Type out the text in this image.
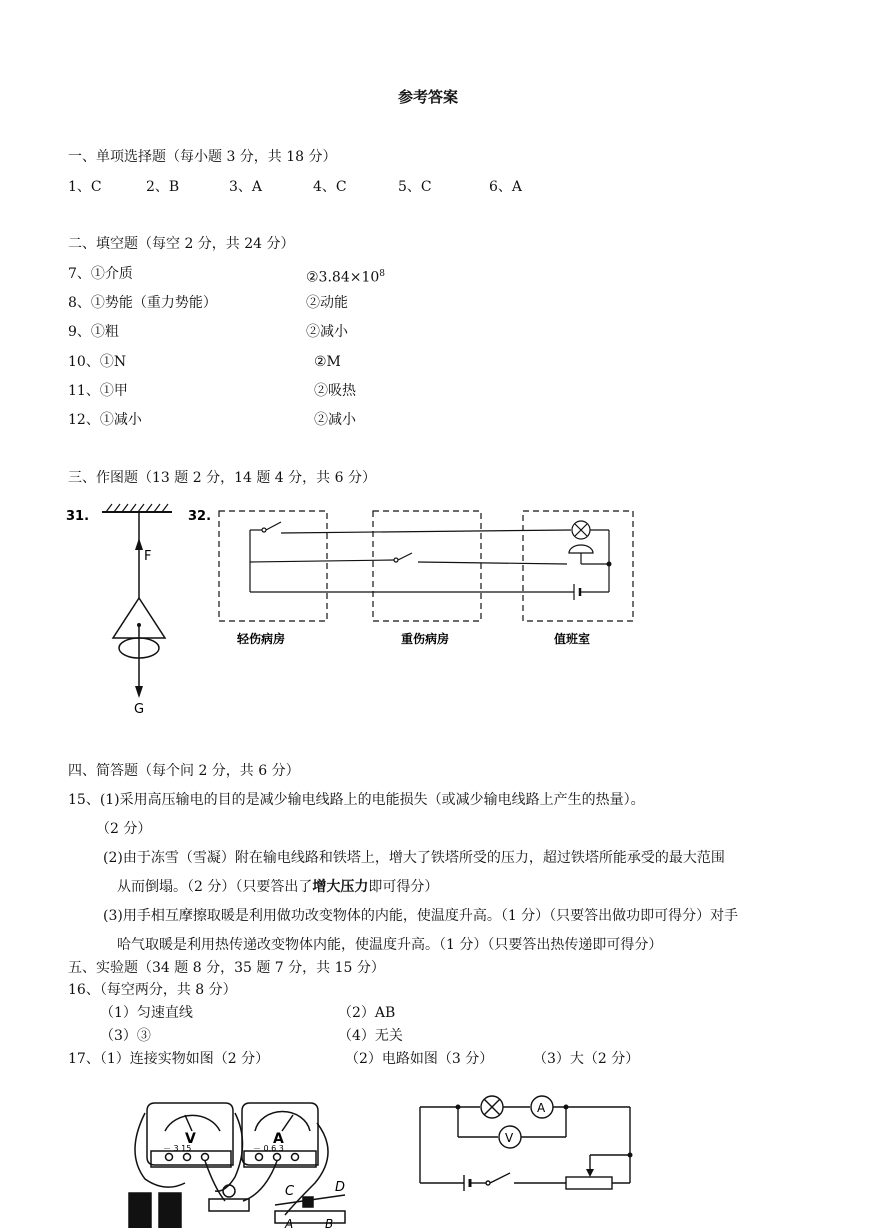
参考答案
一、单项选择题（每小题 3 分，共 18 分）
1、C	2、B	3、A	4、C	5、C	6、A
二、填空题（每空 2 分，共 24 分）
7、①介质	$②3.84\times 10^8$
8、①势能（重力势能）	②动能
9、①粗	②减小
10、①N	②M
11、①甲	②吸热
12、①减小	②减小
三、作图题（13 题 2 分，14 题 4 分，共 6 分）
31.
F
G
32.
轻伤病房	重伤病房	值班室
四、简答题（每个问 2 分，共 6 分）
15、(1)采用高压输电的目的是减少输电线路上的电能损失（或减少输电线路上产生的热量）。
（2 分）
(2)由于冻雪（雪凝）附在输电线路和铁塔上，增大了铁塔所受的压力，超过铁塔所能承受的最大范围
从而倒塌。（2 分）（只要答出了增大压力即可得分）
(3)用手相互摩擦取暖是利用做功改变物体的内能，使温度升高。（1 分）（只要答出做功即可得分）对手
哈气取暖是利用热传递改变物体内能，使温度升高。（1 分）（只要答出热传递即可得分）
五、实验题（34 题 8 分，35 题 7 分，共 15 分）
16、（每空两分，共 8 分）
（1）匀速直线	（2）AB
（3）③	（4）无关
17、（1）连接实物如图（2 分）	（2）电路如图（3 分）	（3）大（2 分）
V	A
－ 3 15	－ 0.6 3
C	D
A	B
A
V
